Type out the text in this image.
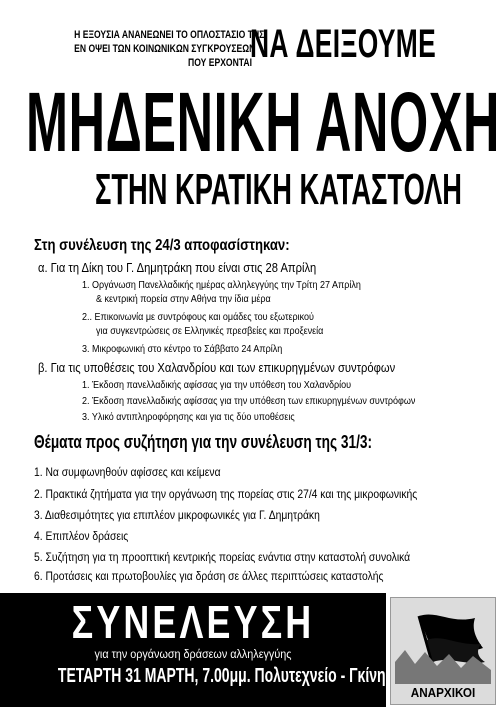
Η ΕΞΟΥΣΙΑ ΑΝΑΝΕΩΝΕΙ ΤΟ ΟΠΛΟΣΤΑΣΙΟ ΤΗΣ
ΕΝ ΟΨΕΙ ΤΩΝ ΚΟΙΝΩΝΙΚΩΝ ΣΥΓΚΡΟΥΣΕΩΝ
ΠΟΥ ΕΡΧΟΝΤΑΙ
ΝΑ ΔΕΙΞΟΥΜΕ
ΜΗΔΕΝΙΚΗ ΑΝΟΧΗ
ΣΤΗΝ ΚΡΑΤΙΚΗ ΚΑΤΑΣΤΟΛΗ
Στη συνέλευση της 24/3 αποφασίστηκαν:
α. Για τη Δίκη του Γ. Δημητράκη που είναι στις 28 Απρίλη
1. Οργάνωση Πανελλαδικής ημέρας αλληλεγγύης την Τρίτη 27 Απρίλη
& κεντρική πορεία στην Αθήνα την ίδια μέρα
2.. Επικοινωνία με συντρόφους και ομάδες του εξωτερικού
για συγκεντρώσεις σε Ελληνικές πρεσβείες και προξενεία
3. Μικροφωνική στο κέντρο το Σάββατο 24 Απρίλη
β. Για τις υποθέσεις του Χαλανδρίου και των επικυρηγμένων συντρόφων
1. Έκδοση πανελλαδικής αφίσσας για την υπόθεση του Χαλανδρίου
2. Έκδοση πανελλαδικής αφίσσας για την υπόθεση των επικυρηγμένων συντρόφων
3. Υλικό αντιπληροφόρησης και για τις δύο υποθέσεις
Θέματα προς συζήτηση για την συνέλευση της 31/3:
1. Να συμφωνηθούν αφίσσες και κείμενα
2. Πρακτικά ζητήματα για την οργάνωση της πορείας στις 27/4 και της μικροφωνικής
3. Διαθεσιμότητες για επιπλέον μικροφωνικές για Γ. Δημητράκη
4. Επιπλέον δράσεις
5. Συζήτηση για τη προοπτική κεντρικής πορείας ενάντια στην καταστολή συνολικά
6. Προτάσεις και πρωτοβουλίες για δράση σε άλλες περιπτώσεις καταστολής
ΣΥΝΕΛΕΥΣΗ
για την οργάνωση δράσεων αλληλεγγύης
ΤΕΤΑΡΤΗ 31 ΜΑΡΤΗ, 7.00μμ. Πολυτεχνείο - Γκίνη
ΑΝΑΡΧΙΚΟΙ
